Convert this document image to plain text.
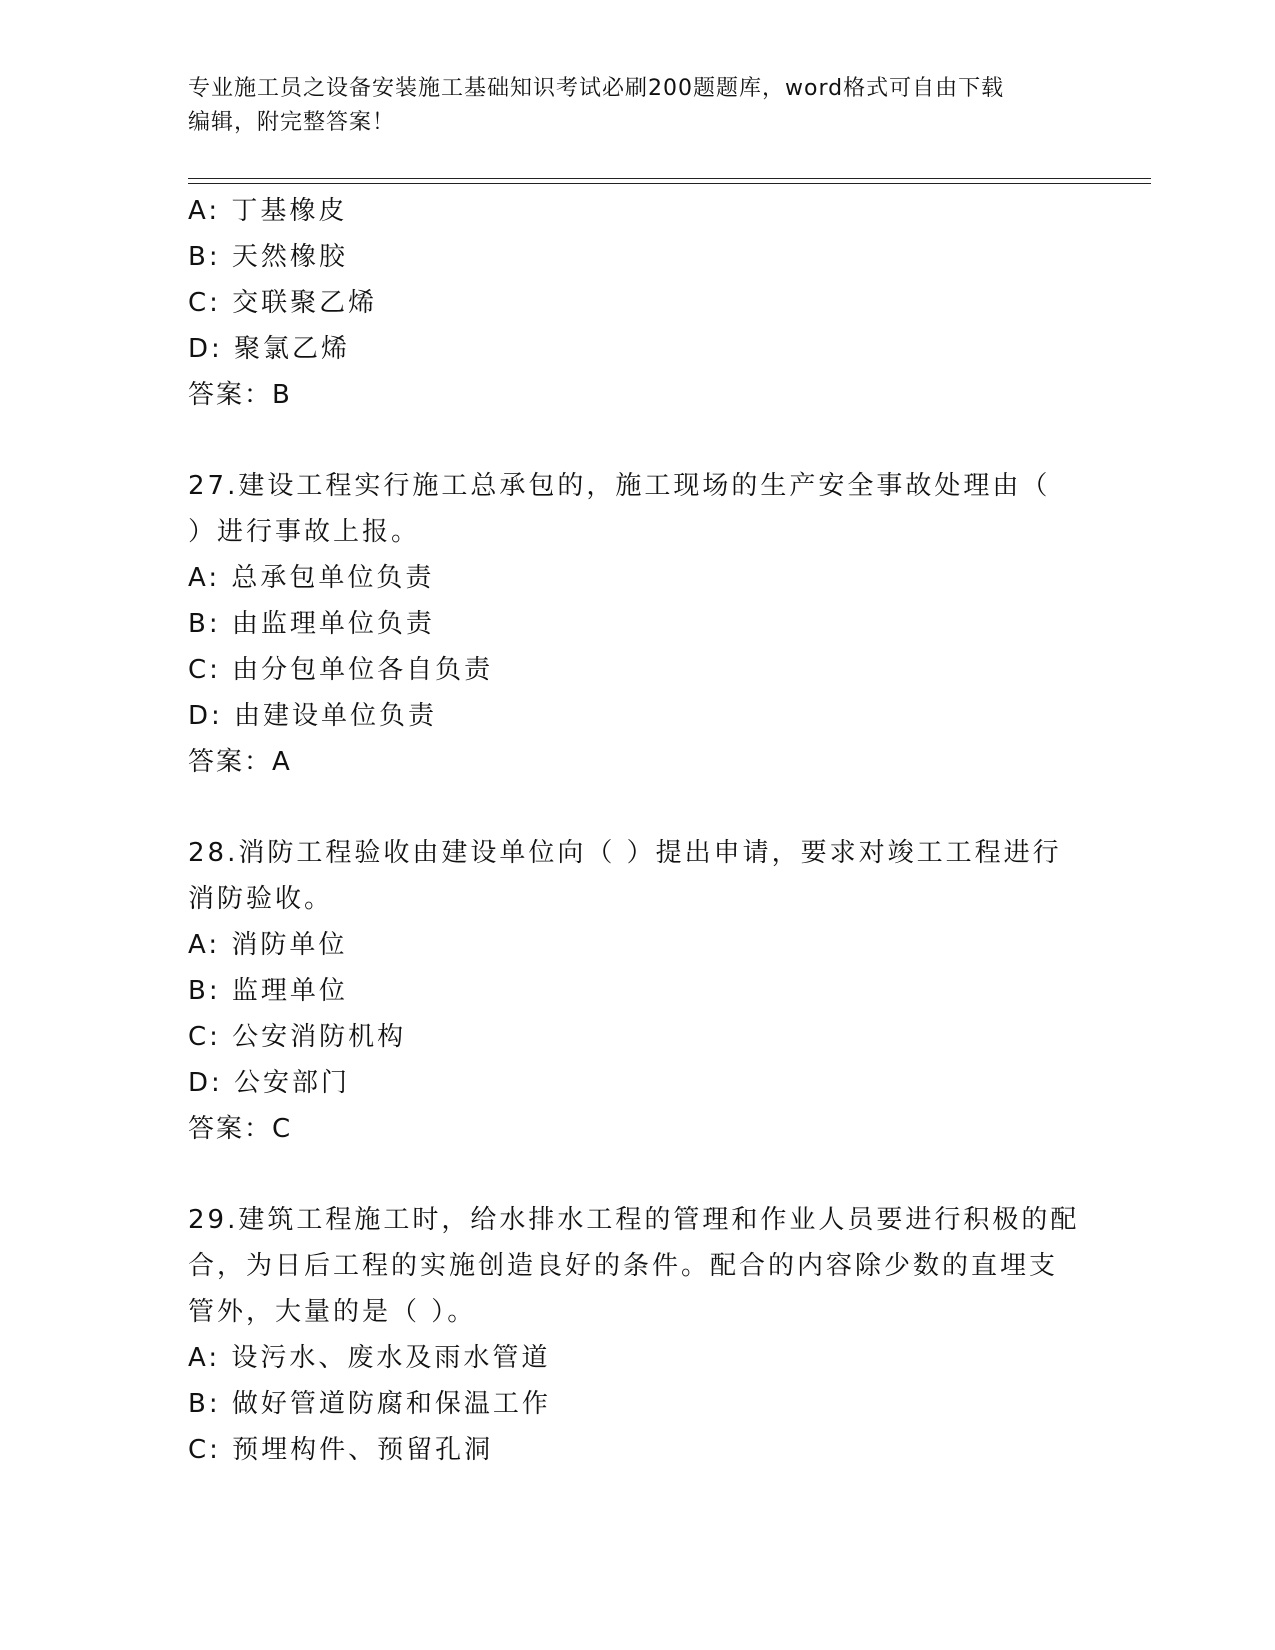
专业施工员之设备安装施工基础知识考试必刷200题题库，word格式可自由下载
编辑，附完整答案！
A: 丁基橡皮
B: 天然橡胶
C: 交联聚乙烯
D: 聚氯乙烯
答案：B
27.建设工程实行施工总承包的，施工现场的生产安全事故处理由（
）进行事故上报。
A: 总承包单位负责
B: 由监理单位负责
C: 由分包单位各自负责
D: 由建设单位负责
答案：A
28.消防工程验收由建设单位向（ ）提出申请，要求对竣工工程进行
消防验收。
A: 消防单位
B: 监理单位
C: 公安消防机构
D: 公安部门
答案：C
29.建筑工程施工时，给水排水工程的管理和作业人员要进行积极的配
合，为日后工程的实施创造良好的条件。配合的内容除少数的直埋支
管外，大量的是（ ）。
A: 设污水、废水及雨水管道
B: 做好管道防腐和保温工作
C: 预埋构件、预留孔洞
